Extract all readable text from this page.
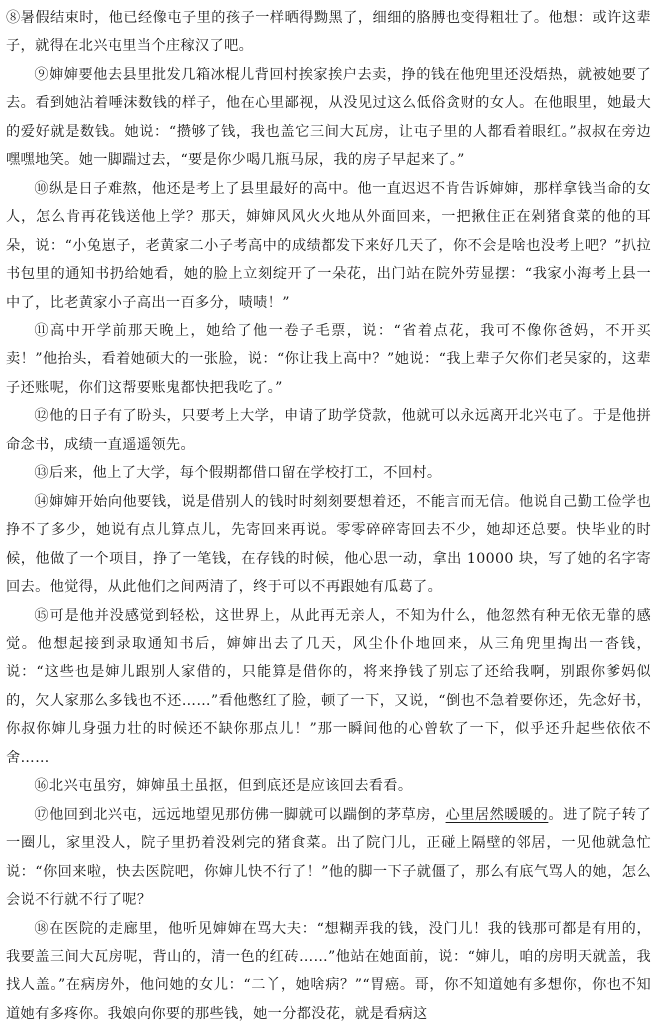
⑧暑假结束时，他已经像屯子里的孩子一样晒得黝黑了，细细的胳膊也变得粗壮了。他想：或许这辈子，就得在北兴屯里当个庄稼汉了吧。

⑨婶婶要他去县里批发几箱冰棍儿背回村挨家挨户去卖，挣的钱在他兜里还没焐热，就被她要了去。看到她沾着唾沫数钱的样子，他在心里鄙视，从没见过这么低俗贪财的女人。在他眼里，她最大的爱好就是数钱。她说：“攒够了钱，我也盖它三间大瓦房，让屯子里的人都看着眼红。”叔叔在旁边嘿嘿地笑。她一脚踹过去，“要是你少喝几瓶马尿，我的房子早起来了。”

⑩纵是日子难熬，他还是考上了县里最好的高中。他一直迟迟不肯告诉婶婶，那样拿钱当命的女人，怎么肯再花钱送他上学？那天，婶婶风风火火地从外面回来，一把揪住正在剁猪食菜的他的耳朵，说：“小兔崽子，老黄家二小子考高中的成绩都发下来好几天了，你不会是啥也没考上吧？”扒拉书包里的通知书扔给她看，她的脸上立刻绽开了一朵花，出门站在院外劳显摆：“我家小海考上县一中了，比老黄家小子高出一百多分，啧啧！”

⑪高中开学前那天晚上，她给了他一卷子毛票，说：“省着点花，我可不像你爸妈，不开买卖！”他抬头，看着她硕大的一张脸，说：“你让我上高中？”她说：“我上辈子欠你们老吴家的，这辈子还账呢，你们这帮要账鬼都快把我吃了。”

⑫他的日子有了盼头，只要考上大学，申请了助学贷款，他就可以永远离开北兴屯了。于是他拼命念书，成绩一直遥遥领先。

⑬后来，他上了大学，每个假期都借口留在学校打工，不回村。

⑭婶婶开始向他要钱，说是借别人的钱时时刻刻要想着还，不能言而无信。他说自己勤工俭学也挣不了多少，她说有点儿算点儿，先寄回来再说。零零碎碎寄回去不少，她却还总要。快毕业的时候，他做了一个项目，挣了一笔钱，在存钱的时候，他心思一动，拿出 10000 块，写了她的名字寄回去。他觉得，从此他们之间两清了，终于可以不再跟她有瓜葛了。

⑮可是他并没感觉到轻松，这世界上，从此再无亲人，不知为什么，他忽然有种无依无靠的感觉。他想起接到录取通知书后，婶婶出去了几天，风尘仆仆地回来，从三角兜里掏出一沓钱，说：“这些也是婶儿跟别人家借的，只能算是借你的，将来挣钱了别忘了还给我啊，别跟你爹妈似的，欠人家那么多钱也不还……”看他憋红了脸，顿了一下，又说，“倒也不急着要你还，先念好书，你叔你婶儿身强力壮的时候还不缺你那点儿！”那一瞬间他的心曾软了一下，似乎还升起些依依不舍……

⑯北兴屯虽穷，婶婶虽土虽抠，但到底还是应该回去看看。

⑰他回到北兴屯，远远地望见那仿佛一脚就可以踹倒的茅草房，心里居然暖暖的。进了院子转了一圈儿，家里没人，院子里扔着没剁完的猪食菜。出了院门儿，正碰上隔壁的邻居，一见他就急忙说：“你回来啦，快去医院吧，你婶儿快不行了！”他的脚一下子就僵了，那么有底气骂人的她，怎么会说不行就不行了呢？

⑱在医院的走廊里，他听见婶婶在骂大夫：“想糊弄我的钱，没门儿！我的钱那可都是有用的，我要盖三间大瓦房呢，背山的，清一色的红砖……”他站在她面前，说：“婶儿，咱的房明天就盖，我找人盖。”在病房外，他问她的女儿：“二丫，她啥病？”“胃癌。哥，你不知道她有多想你，你也不知道她有多疼你。我娘向你要的那些钱，她一分都没花，就是看病这
